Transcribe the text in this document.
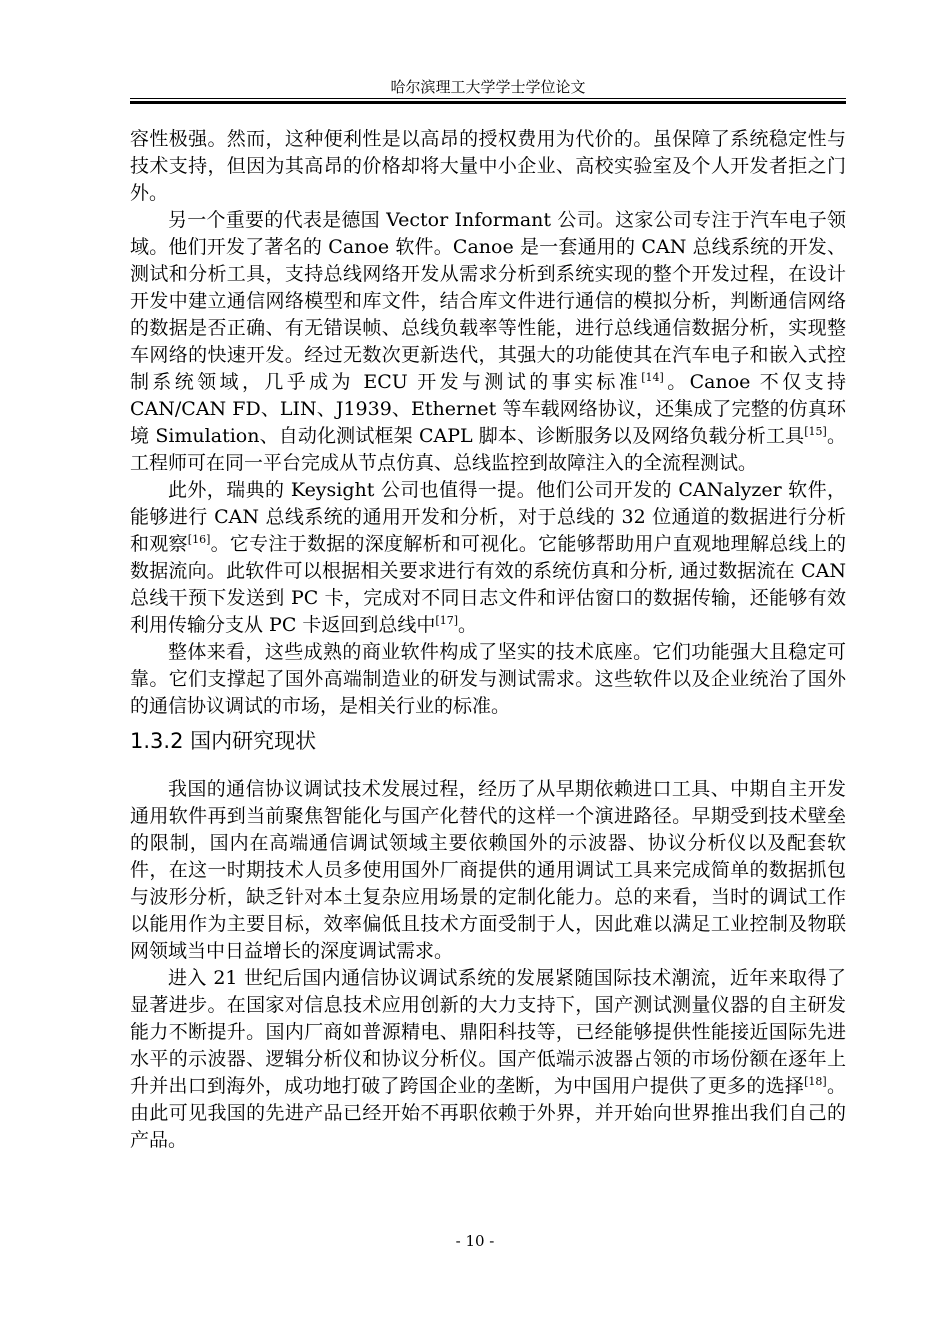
哈尔滨理工大学学士学位论文

容性极强。然而，这种便利性是以高昂的授权费用为代价的。虽保障了系统稳定性与技术支持，但因为其高昂的价格却将大量中小企业、高校实验室及个人开发者拒之门外。

另一个重要的代表是德国 Vector Informant 公司。这家公司专注于汽车电子领域。他们开发了著名的 Canoe 软件。Canoe 是一套通用的 CAN 总线系统的开发、测试和分析工具，支持总线网络开发从需求分析到系统实现的整个开发过程，在设计开发中建立通信网络模型和库文件，结合库文件进行通信的模拟分析，判断通信网络的数据是否正确、有无错误帧、总线负载率等性能，进行总线通信数据分析，实现整车网络的快速开发。经过无数次更新迭代，其强大的功能使其在汽车电子和嵌入式控制系统领域，几乎成为 ECU 开发与测试的事实标准[14]。Canoe 不仅支持 CAN/CAN FD、LIN、J1939、Ethernet 等车载网络协议，还集成了完整的仿真环境 Simulation、自动化测试框架 CAPL 脚本、诊断服务以及网络负载分析工具[15]。工程师可在同一平台完成从节点仿真、总线监控到故障注入的全流程测试。

此外，瑞典的 Keysight 公司也值得一提。他们公司开发的 CANalyzer 软件，能够进行 CAN 总线系统的通用开发和分析，对于总线的 32 位通道的数据进行分析和观察[16]。它专注于数据的深度解析和可视化。它能够帮助用户直观地理解总线上的数据流向。此软件可以根据相关要求进行有效的系统仿真和分析, 通过数据流在 CAN 总线干预下发送到 PC 卡，完成对不同日志文件和评估窗口的数据传输，还能够有效利用传输分支从 PC 卡返回到总线中[17]。

整体来看，这些成熟的商业软件构成了坚实的技术底座。它们功能强大且稳定可靠。它们支撑起了国外高端制造业的研发与测试需求。这些软件以及企业统治了国外的通信协议调试的市场，是相关行业的标准。

1.3.2 国内研究现状

我国的通信协议调试技术发展过程，经历了从早期依赖进口工具、中期自主开发通用软件再到当前聚焦智能化与国产化替代的这样一个演进路径。早期受到技术壁垒的限制，国内在高端通信调试领域主要依赖国外的示波器、协议分析仪以及配套软件，在这一时期技术人员多使用国外厂商提供的通用调试工具来完成简单的数据抓包与波形分析，缺乏针对本土复杂应用场景的定制化能力。总的来看，当时的调试工作以能用作为主要目标，效率偏低且技术方面受制于人，因此难以满足工业控制及物联网领域当中日益增长的深度调试需求。

进入 21 世纪后国内通信协议调试系统的发展紧随国际技术潮流，近年来取得了显著进步。在国家对信息技术应用创新的大力支持下，国产测试测量仪器的自主研发能力不断提升。国内厂商如普源精电、鼎阳科技等，已经能够提供性能接近国际先进水平的示波器、逻辑分析仪和协议分析仪。国产低端示波器占领的市场份额在逐年上升并出口到海外，成功地打破了跨国企业的垄断，为中国用户提供了更多的选择[18]。由此可见我国的先进产品已经开始不再职依赖于外界，并开始向世界推出我们自己的产品。

- 10 -
